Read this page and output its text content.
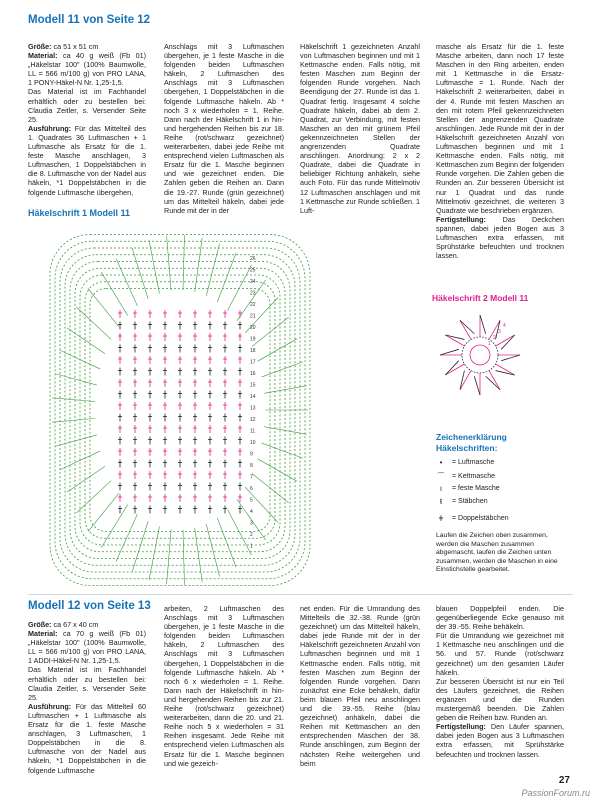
Modell 11 von Seite 12

Größe: ca 51 x 51 cm

Material: ca 40 g weiß (Fb 01) „Häkelstar 100" (100% Baumwolle, LL = 566 m/100 g) von PRO LANA, 1 PONY-Häkel-N Nr. 1,25-1,5.

Das Material ist im Fachhandel erhältlich oder zu bestellen bei: Claudia Zeitler, s. Versender Seite 25.

Ausführung: Für das Mittelteil des 1. Quadrates 36 Luftmaschen + 1 Luftmasche als Ersatz für die 1. feste Masche anschlagen, 3 Luftmaschen, 1 Doppelstäbchen in die 8. Luftmasche von der Nadel aus häkeln, *1 Doppelstäbchen in die folgende Luftmasche übergehen,

Anschlags mit 3 Luftmaschen übergehen, je 1 feste Masche in die folgenden beiden Luftmaschen häkeln, 2 Luftmaschen des Anschlags mit 3 Luftmaschen übergehen, 1 Doppelstäbchen in die folgende Luftmasche häkeln. Ab * noch 3 x wiederholen = 1. Reihe. Dann nach der Häkelschrift 1 in hin- und hergehenden Reihen bis zur 18. Reihe (rot/schwarz gezeichnet) weiterarbeiten, dabei jede Reihe mit entsprechend vielen Luftmaschen als Ersatz für die 1. Masche beginnen und wie gezeichnet enden. Die Zahlen geben die Reihen an. Dann die 19.-27. Runde (grün gezeichnet) um das Mittelteil häkeln, dabei jede Runde mit der in der
Häkelschrift 1 gezeichneten Anzahl von Luftmaschen beginnen und mit 1 Kettmasche enden. Falls nötig, mit festen Maschen zum Beginn der folgenden Runde vorgehen. Nach Beendigung der 27. Runde ist das 1. Quadrat fertig. Insgesamt 4 solche Quadrate häkeln, dabei ab dem 2. Quadrat, zur Verbindung, mit festen Maschen an den mit grünem Pfeil gekennzeichneten Stellen der angrenzenden Quadrate anschlingen. Anordnung: 2 x 2 Quadrate, dabei die Quadrate in beliebiger Richtung anhäkeln, siehe auch Foto. Für das runde Mittelmotiv 12 Luftmaschen anschlagen und mit 1 Kettmasche zur Runde schließen. 1 Luft-

masche als Ersatz für die 1. feste Masche arbeiten, dann noch 17 feste Maschen in den Ring arbeiten, enden mit 1 Kettmasche in die Ersatz-Luftmasche = 1. Runde. Nach der Häkelschrift 2 weiterarbeiten, dabei in der 4. Runde mit festen Maschen an den mit rotem Pfeil gekennzeichneten Stellen der angrenzenden Quadrate anschlingen. Jede Runde mit der in der Häkelschrift gezeichneten Anzahl von Luftmaschen beginnen und mit 1 Kettmasche enden. Falls nötig, mit Kettmaschen zum Beginn der folgenden Runde vorgehen. Die Zahlen geben die Runden an. Zur besseren Übersicht ist nur 1 Quadrat und das runde Mittelmotiv gezeichnet, die weiteren 3 Quadrate wie beschrieben ergänzen.

Fertigstellung: Das Deckchen spannen, dabei jeden Bogen aus 3 Luftmaschen extra erfassen, mit Sprühstärke befeuchten und trocknen lassen.

Häkelschrift 1 Modell 11
26
25
24
23
22
21
20
19
18
17
16
15
14
13
12
11
10
9
8
7
6
5
4
3
2
1
Häkelschrift 2 Modell 11
1
2
3
4
Zeichenerklärung
Häkelschriften:
•	= Luftmasche
⌒ = Kettmasche
ı	= feste Masche
ŧ	= Stäbchen
ǂ	= Doppelstäbchen
Laufen die Zeichen oben zusammen, werden die Maschen zusammen abgemascht, laufen die Zeichen unten zusammen, werden die Maschen in eine Einstichstelle gearbeitet.
Modell 12 von Seite 13

Größe: ca 67 x 40 cm

Material: ca 70 g weiß (Fb 01) „Häkelstar 100" (100% Baumwolle, LL = 566 m/100 g) von PRO LANA, 1 ADDI-Häkel-N Nr. 1,25-1,5.

Das Material ist im Fachhandel erhältlich oder zu bestellen bei: Claudia Zeitler, s. Versender Seite 25.

Ausführung: Für das Mittelteil 60 Luftmaschen + 1 Luftmasche als Ersatz für die 1. feste Masche anschlagen, 3 Luftmaschen, 1 Doppelstäbchen in die 8. Luftmasche von der Nadel aus häkeln, *1 Doppelstäbchen in die folgende Luftmasche

arbeiten, 2 Luftmaschen des Anschlags mit 3 Luftmaschen übergehen, je 1 feste Masche in die folgenden beiden Luftmaschen häkeln, 2 Luftmaschen des Anschlags mit 3 Luftmaschen übergehen, 1 Doppelstäbchen in die folgende Luftmasche häkeln. Ab * noch 6 x wiederholen = 1. Reihe. Dann nach der Häkelschrift in hin- und hergehenden Reihen bis zur 21. Reihe (rot/schwarz gezeichnet) weiterarbeiten, dann die 20. und 21. Reihe noch 5 x wiederholen = 31 Reihen insgesamt. Jede Reihe mit entsprechend vielen Luftmaschen als Ersatz für die 1. Masche beginnen und wie gezeich-
net enden. Für die Umrandung des Mittelteils die 32.-38. Runde (grün gezeichnet) um das Mittelteil häkeln, dabei jede Runde mit der in der Häkelschrift gezeichneten Anzahl von Luftmaschen beginnen und mit 1 Kettmasche enden. Falls nötig, mit festen Maschen zum Beginn der folgenden Runde vorgehen. Dann zunächst eine Ecke behäkeln, dafür beim blauen Pfeil neu anschlingen und die 39.-55. Reihe (blau gezeichnet) anhäkeln, dabei die Reihen mit Kettmaschen an den entsprechenden Maschen der 38. Runde anschlingen, zum Beginn der nächsten Reihe weitergehen und beim

blauen Doppelpfeil enden. Die gegenüberliegende Ecke genauso mit der 39.-55. Reihe behäkeln.

Für die Umrandung wie gezeichnet mit 1 Kettmasche neu anschlingen und die 56. und 57. Runde (rot/schwarz gezeichnet) um den gesamten Läufer häkeln.

Zur besseren Übersicht ist nur ein Teil des Läufers gezeichnet, die Reihen ergänzen und die Runden mustergemäß beenden. Die Zahlen geben die Reihen bzw. Runden an.

Fertigstellung: Den Läufer spannen, dabei jeden Bogen aus 3 Luftmaschen extra erfassen, mit Sprühstärke befeuchten und trocknen lassen.

27
PassionForum.ru
